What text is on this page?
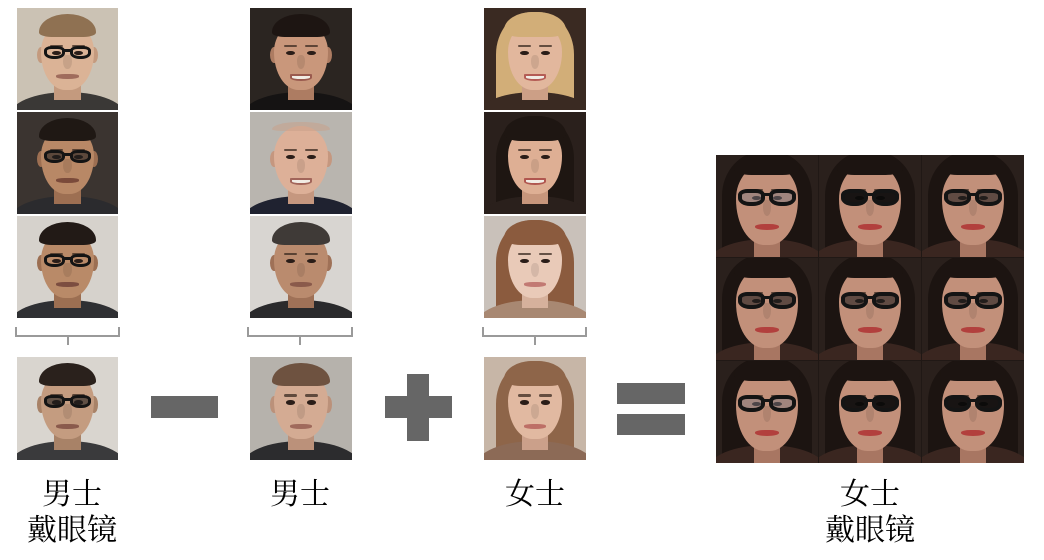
男士
戴眼镜
男士	女士	女士
戴眼镜
